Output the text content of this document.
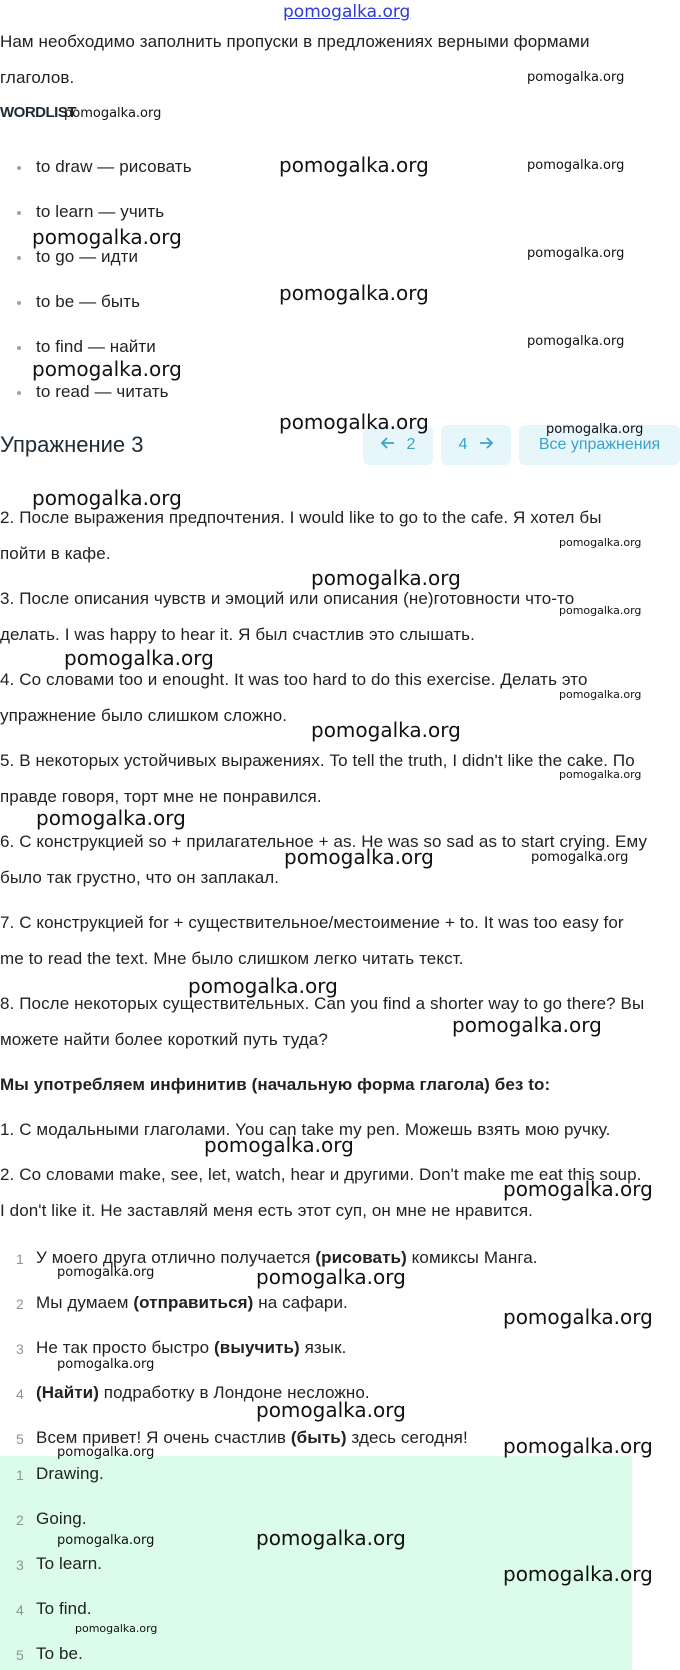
pomogalka.org
Нам необходимо заполнить пропуски в предложениях верными формами
глаголов.
WORDLIST
to draw — рисовать
to learn — учить
to go — идти
to be — быть
to find — найти
to read — читать
Упражнение 3	2	4	Все упражнения
2. После выражения предпочтения. I would like to go to the cafe. Я хотел бы
пойти в кафе.
3. После описания чувств и эмоций или описания (не)готовности что-то
делать. I was happy to hear it. Я был счастлив это слышать.
4. Со словами too и enought. It was too hard to do this exercise. Делать это
упражнение было слишком сложно.
5. В некоторых устойчивых выражениях. To tell the truth, I didn't like the cake. По
правде говоря, торт мне не понравился.
6. С конструкцией so + прилагательное + as. He was so sad as to start crying. Ему
было так грустно, что он заплакал.
7. С конструкцией for + существительное/местоимение + to. It was too easy for
me to read the text. Мне было слишком легко читать текст.
8. После некоторых существительных. Can you find a shorter way to go there? Вы
можете найти более короткий путь туда?
Мы употребляем инфинитив (начальную форма глагола) без to:
1. С модальными глаголами. You can take my pen. Можешь взять мою ручку.
2. Со словами make, see, let, watch, hear и другими. Don't make me eat this soup.
I don't like it. Не заставляй меня есть этот суп, он мне не нравится.
1 У моего друга отлично получается (рисовать) комиксы Манга.
2 Мы думаем (отправиться) на сафари.
3 Не так просто быстро (выучить) язык.
4 (Найти) подработку в Лондоне несложно.
5 Всем привет! Я очень счастлив (быть) здесь сегодня!
1 Drawing.
2 Going.
3 To learn.
4 To find.
5 To be.
pomogalka.org
pomogalka.org
pomogalka.org	pomogalka.org
pomogalka.org
pomogalka.org
pomogalka.org
pomogalka.org
pomogalka.org
pomogalka.org	pomogalka.org
pomogalka.org
pomogalka.org
pomogalka.org
pomogalka.org
pomogalka.org
pomogalka.org
pomogalka.org
pomogalka.org
pomogalka.org
pomogalka.org	pomogalka.org
pomogalka.org
pomogalka.org
pomogalka.org
pomogalka.org
pomogalka.org	pomogalka.org
pomogalka.org
pomogalka.org
pomogalka.org
pomogalka.org
pomogalka.org
pomogalka.org	pomogalka.org
pomogalka.org
pomogalka.org
